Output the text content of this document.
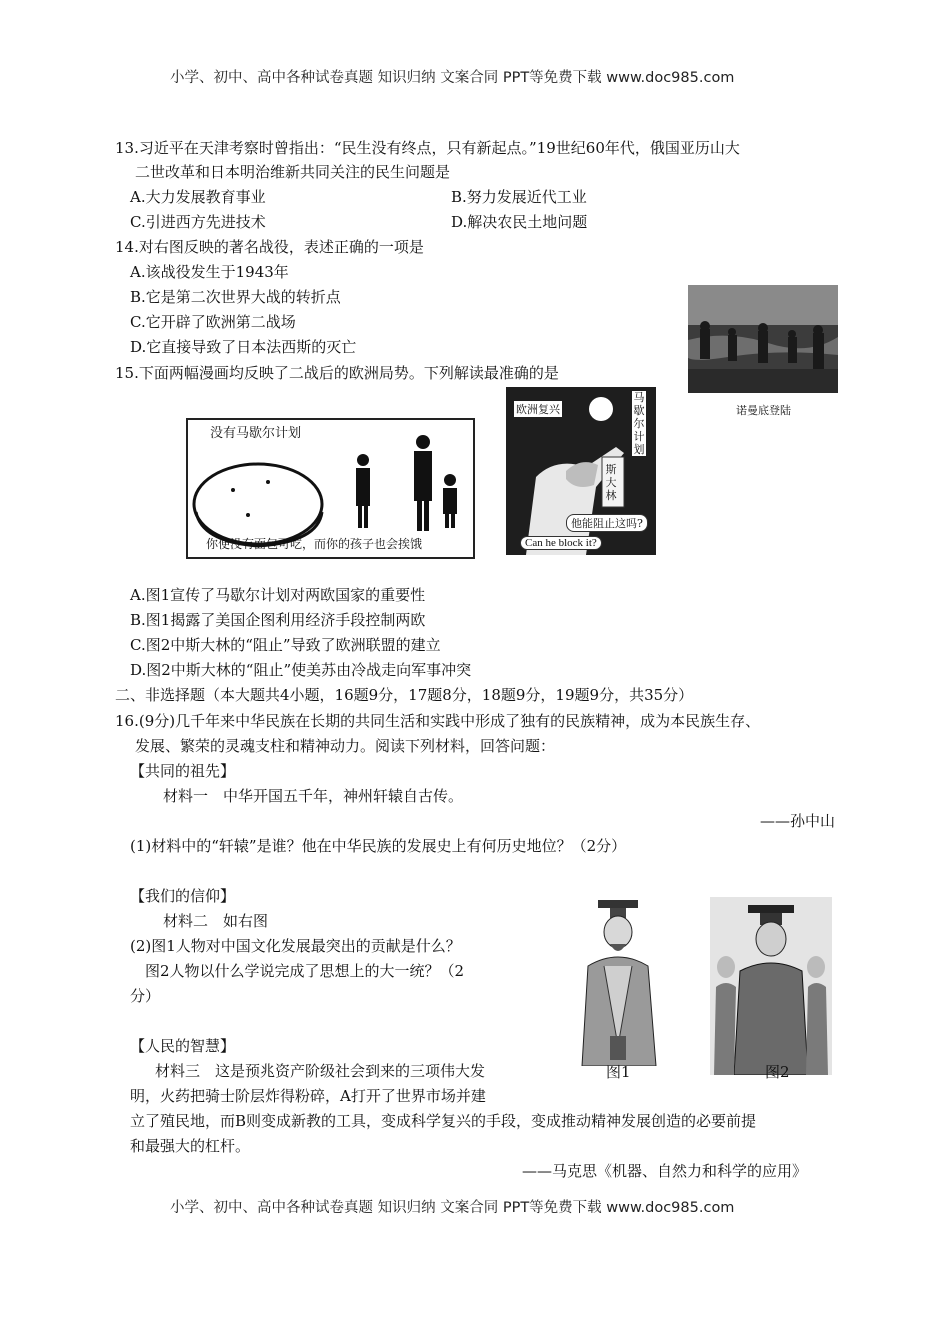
小学、初中、高中各种试卷真题 知识归纳 文案合同 PPT等免费下载 www.doc985.com
13.习近平在天津考察时曾指出：“民生没有终点，只有新起点。”19世纪60年代，俄国亚历山大
二世改革和日本明治维新共同关注的民生问题是
A.大力发展教育事业	B.努力发展近代工业
C.引进西方先进技术	D.解决农民土地问题
14.对右图反映的著名战役，表述正确的一项是
A.该战役发生于1943年
B.它是第二次世界大战的转折点
C.它开辟了欧洲第二战场
D.它直接导致了日本法西斯的灭亡
诺曼底登陆
15.下面两幅漫画均反映了二战后的欧洲局势。下列解读最准确的是
没有马歇尔计划
你便没有面包可吃，而你的孩子也会挨饿
欧洲复兴
马歇尔计划
斯大林
他能阻止这吗?
Can he block it?
A.图1宣传了马歇尔计划对两欧国家的重要性
B.图1揭露了美国企图利用经济手段控制两欧
C.图2中斯大林的“阻止”导致了欧洲联盟的建立
D.图2中斯大林的“阻止”使美苏由冷战走向军事冲突
二、非选择题（本大题共4小题，16题9分，17题8分，18题9分，19题9分，共35分）
16.(9分)几千年来中华民族在长期的共同生活和实践中形成了独有的民族精神，成为本民族生存、
发展、繁荣的灵魂支柱和精神动力。阅读下列材料，回答问题：
【共同的祖先】
材料一　中华开国五千年，神州轩辕自古传。
——孙中山
(1)材料中的“轩辕”是谁？他在中华民族的发展史上有何历史地位？（2分）
【我们的信仰】
材料二　如右图
(2)图1人物对中国文化发展最突出的贡献是什么？
图2人物以什么学说完成了思想上的大一统？（2
分）
图1	图2
【人民的智慧】
材料三　这是预兆资产阶级社会到来的三项伟大发
明，火药把骑士阶层炸得粉碎，A打开了世界市场并建
立了殖民地，而B则变成新教的工具，变成科学复兴的手段，变成推动精神发展创造的必要前提
和最强大的杠杆。
——马克思《机器、自然力和科学的应用》
小学、初中、高中各种试卷真题 知识归纳 文案合同 PPT等免费下载 www.doc985.com
